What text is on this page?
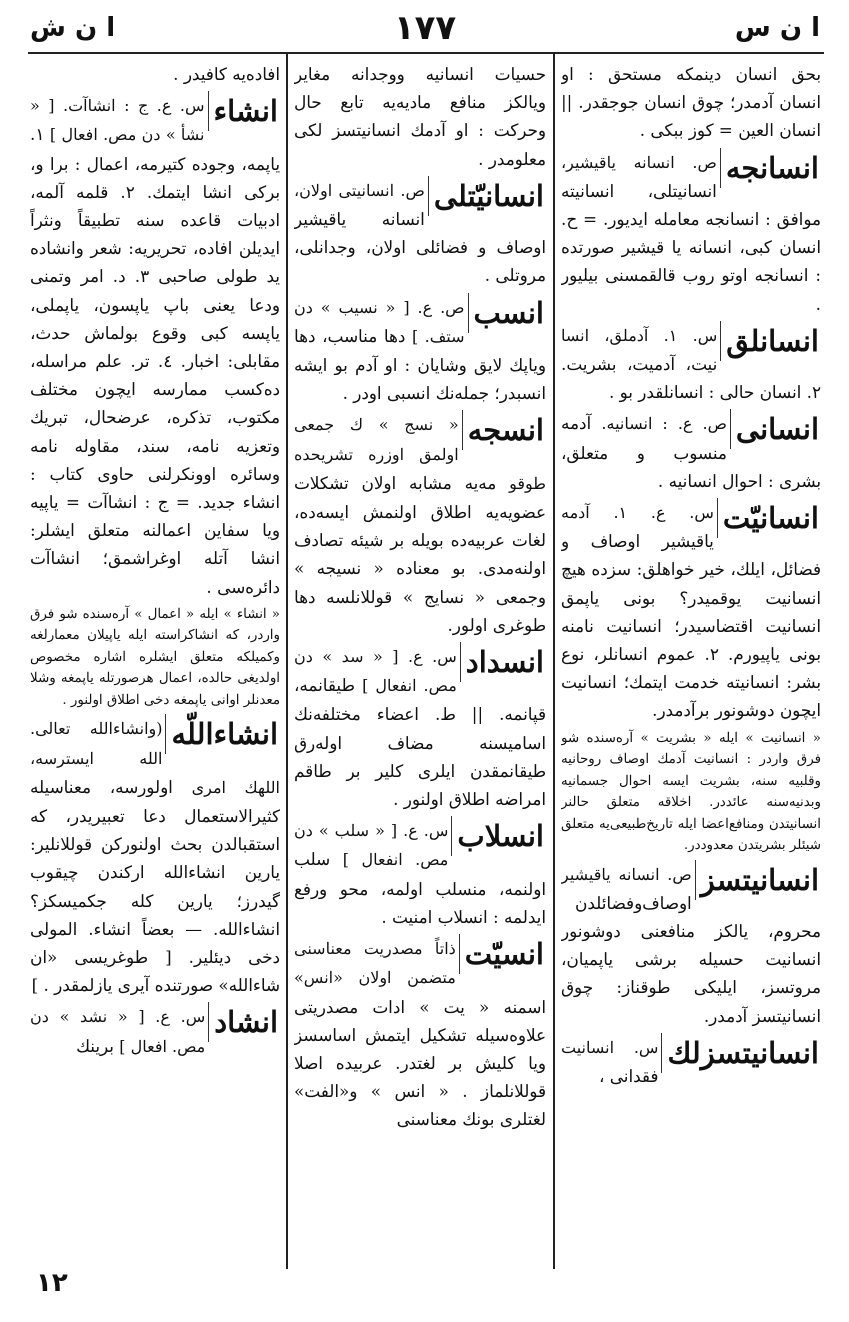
ا ن س
١٧٧
ا ن ش
بحق انسان دینمكه مستحق : او انسان آدمدر؛ چوق انسان جوجقدر. || انسان العین = كوز ببكی .
انسانجه
ص. انسانه یاقیشیر، انسانیتلی، انسانیته موافق : انسانجه معامله ایدیور. = ح. انسان كبی، انسانه یا قیشیر صورتده : انسانجه اوتو روب قالقمسنی بیلیور .
انسانلق
س. ١. آدملق، انسا نیت، آدمیت، بشریت. ٢. انسان حالی : انسانلقدر بو .
انسانی
ص. ع. : انسانیه. آدمه منسوب و متعلق، بشری : احوال انسانیه .
انسانیّت
س. ع. ١. آدمه یاقیشیر اوصاف و فضائل، ایلك، خیر خواهلق: سزده هیچ انسانیت یوقمیدر؟ بونی یاپمق انسانیت اقتضاسیدر؛ انسانیت نامنه بونی یاپیورم. ٢. عموم انسانلر، نوع بشر: انسانیته خدمت ایتمك؛ انسانیت ایچون دوشونور برآدمدر.
« انسانیت » ایله « بشریت » آره‌سنده شو فرق واردر : انسانیت آدمك اوصاف روحانیه وقلبیه سنه، بشریت ایسه احوال جسمانیه وبدنیه‌سنه عائددر. اخلاقه متعلق حالنر انسانیتدن ومنافع‌اعضا ایله تاریخ‌طبیعی‌یه متعلق شیئلر بشریتدن معدوددر.
انسانیتسز
ص. انسانه یاقیشیر اوصاف‌وفضائلدن محروم، یالكز منافعنی دوشو‌نور انسانیت حسیله برشی یاپمیان، مروتسز، ایلیكی طوقناز: چوق انسانیتسز آدمدر.
انسانیتسزلك
س. انسانیت فقدانی ،
حسیات انسانیه ووجدانه مغایر ویالكز منافع مادیه‌یه تابع حال وحركت : او آدمك انسانیتسز‌ لكی معلومدر .
انسانیّتلی
ص. انسانیتی اولان، انسانه یاقیشیر اوصاف و فضائلی اولان، وجدانلی، مروتلی .
انسب
ص. ع. [ « نسیب » دن ستف. ] دها مناسب، دها ویاپك لایق وشایان : او آدم بو ایشه انسبدر؛ جمله‌نك انسبی اودر .
انسجه
« نسج » ك جمعی اولمق اوزره تشریحده طوقو‌ مه‌یه مشابه اولان تشكلات عضویه‌یه اطلاق اولنمش ایسه‌ده، لغات عربیه‌ده بویله بر شیئه تصادف اولنه‌مدی. بو معناده « نسیجه » وجمعی « نسایج » قوللانلسه دها طوغری اولور.
انسداد
س. ع. [ « سد » دن مص. انفعال ] طیقانمه، قپانمه. || ط. اعضاء مختلفه‌نك اساميسنه مضاف او‌لەرق طیقانمقدن ایلری كلیر بر طاقم امراضه اطلاق اولنور .
انسلاب
س. ع. [ « سلب » دن مص. انفعال ] سلب اولنمه، منسلب اولمه، محو ورفع ایدلمه : انسلاب امنیت .
انسیّت
ذاتاً مصدریت معناسنی متضمن اولان «انس» اسمنه « یت » ادات مصدریتی علاوه‌سیله تشكیل ایتمش اساسسز ویا كلیش بر لغتدر. عربیده اصلا قوللانلماز . « انس » و«الفت» لغتلری بونك معناسنی
افاده‌یه كافیدر .
انشاء
س. ع. ج : انشاآت. [ « نشأ » دن مص. افعال ] ١. یاپمه، وجوده كتیرمه، اعمال : برا و، بركی انشا ایتمك. ٢. قلمه آلمه، ادبیات قاعده سنه تطبیقاً ونثراً ایدیلن افاده، تحریریه: شعر وانشاده ید طولی صاحبی ٣. د. امر وتمنی ودعا یعنی باپ یاپسون، یاپملی، یاپسه كبی وقوع بولماش حدث، مقابلی: اخبار. ٤. تر. علم مراسله، دەكسب ممارسه ایچون مختلف مكتوب، تذكره، عرضحال، تبریك وتعزیه نامه، سند، مقاوله نامه وسائره اوو‌نكرلنی حاوی كتاب : انشاء جدید. = ج : انشاآت = یاپیه ویا سفاین اعمالنه متعلق ایشلر: انشا آتله اوغراشمق؛ انشاآت دائره‌سی .
« انشاء » ایله « اعمال » آره‌سنده شو فرق واردر، كه انشاكراسته ایله یاپیلان معمارلغه وكمیلكه متعلق ایشلره اشاره مخصوص اولدیغی حالده، اعمال هرصورتله یاپمغه وشلا معدنلر اوانی یاپمغه دخی اطلاق اولنور .
انشاءاللّه
(وانشاءالله تعالی. الله ایسترسه، اللهك امری اولورسه، معناسیله كثیرالاستعمال دعا تعبیریدر، كه استقبالدن بحث اولنورکن قوللانلیر: یارین انشاءالله اركندن چیقوب گیدرز؛ یارین كله جكمیسكز؟ انشاءالله. — بعضاً انشاء. المولی دخی دیئلیر. [ طوغریسی «ان شاءالله» صورتنده آیری یازلمقدر . ]
انشاد
س. ع. [ « نشد » دن مص. افعال ] برینك
١٢
